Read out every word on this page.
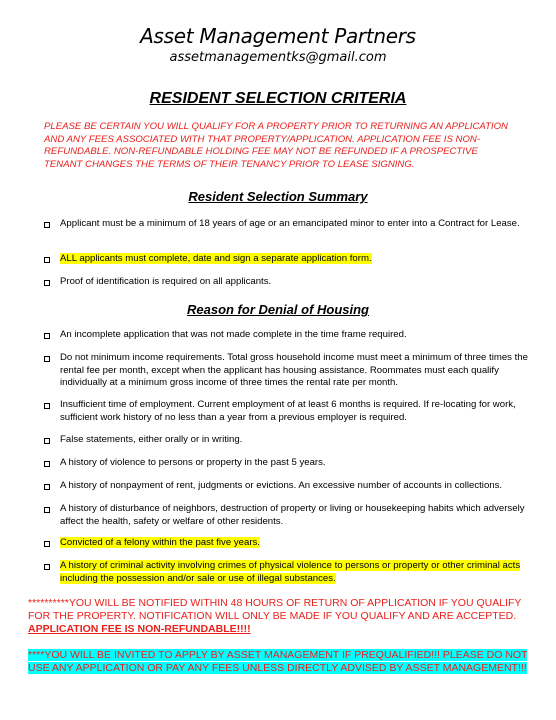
Asset Management Partners
assetmanagementks@gmail.com
RESIDENT SELECTION CRITERIA
PLEASE BE CERTAIN YOU WILL QUALIFY FOR A PROPERTY PRIOR TO RETURNING AN APPLICATION AND ANY FEES ASSOCIATED WITH THAT PROPERTY/APPLICATION. APPLICATION FEE IS NON-REFUNDABLE. NON-REFUNDABLE HOLDING FEE MAY NOT BE REFUNDED IF A PROSPECTIVE TENANT CHANGES THE TERMS OF THEIR TENANCY PRIOR TO LEASE SIGNING.
Resident Selection Summary
Applicant must be a minimum of 18 years of age or an emancipated minor to enter into a Contract for Lease.
ALL applicants must complete, date and sign a separate application form.
Proof of identification is required on all applicants.
Reason for Denial of Housing
An incomplete application that was not made complete in the time frame required.
Do not minimum income requirements. Total gross household income must meet a minimum of three times the rental fee per month, except when the applicant has housing assistance. Roommates must each qualify individually at a minimum gross income of three times the rental rate per month.
Insufficient time of employment. Current employment of at least 6 months is required. If re-locating for work, sufficient work history of no less than a year from a previous employer is required.
False statements, either orally or in writing.
A history of violence to persons or property in the past 5 years.
A history of nonpayment of rent, judgments or evictions. An excessive number of accounts in collections.
A history of disturbance of neighbors, destruction of property or living or housekeeping habits which adversely affect the health, safety or welfare of other residents.
Convicted of a felony within the past five years.
A history of criminal activity involving crimes of physical violence to persons or property or other criminal acts including the possession and/or sale or use of illegal substances.
**********YOU WILL BE NOTIFIED WITHIN 48 HOURS OF RETURN OF APPLICATION IF YOU QUALIFY FOR THE PROPERTY. NOTIFICATION WILL ONLY BE MADE IF YOU QUALIFY AND ARE ACCEPTED. APPLICATION FEE IS NON-REFUNDABLE!!!!
****YOU WILL BE INVITED TO APPLY BY ASSET MANAGEMENT IF PREQUALIFIED!!! PLEASE DO NOT USE ANY APPLICATION OR PAY ANY FEES UNLESS DIRECTLY ADVISED BY ASSET MANAGEMENT!!!
